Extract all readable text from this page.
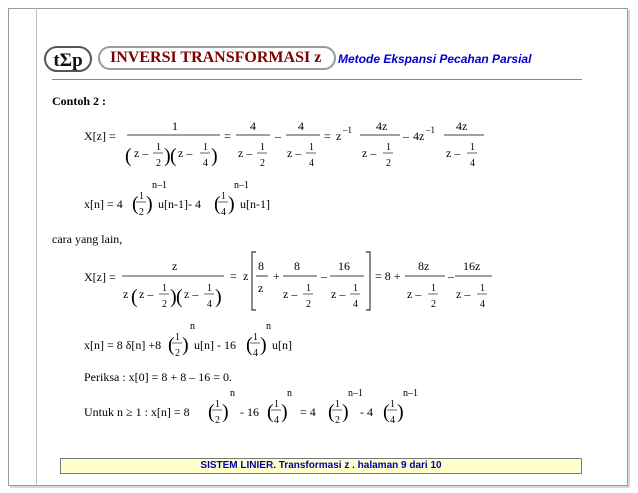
tΣp INVERSI TRANSFORMASI z Metode Ekspansi Pecahan Parsial
Contoh 2 :
X[z] =
1
( z – 1
2 ) ( z – 1
4 )
=
4
z – 1
2
–
4
z – 1
4
= z –1 4z
z – 1
2
– 4z –1 4z
z – 1
4
( 1
2 )
n–1
( 1
4 )
n–1
z
z ( z – 1
2 ) ( z – 1
4 )
= z
8
z
+
8
z – 1
2
–
16
z – 1
4
= 8 +
8z
z – 1
2
–
16z
z – 1
4
( 1
2 )
n
( 1
4 )
n
( 1
2 )
n
( 1
4 )
n
( 1
2 )
n–1
( 1
4 )
n–1
x[n] = 4	u[n-1]- 4	u[n-1]
cara yang lain,
X[z] =
x[n] = 8 δ[n] +8	u[n] - 16	u[n]
Periksa : x[0] = 8 + 8 – 16 = 0.
Untuk n ≥ 1 : x[n] = 8	- 16	= 4	- 4
SISTEM LINIER. Transformasi z . halaman 9 dari 10
